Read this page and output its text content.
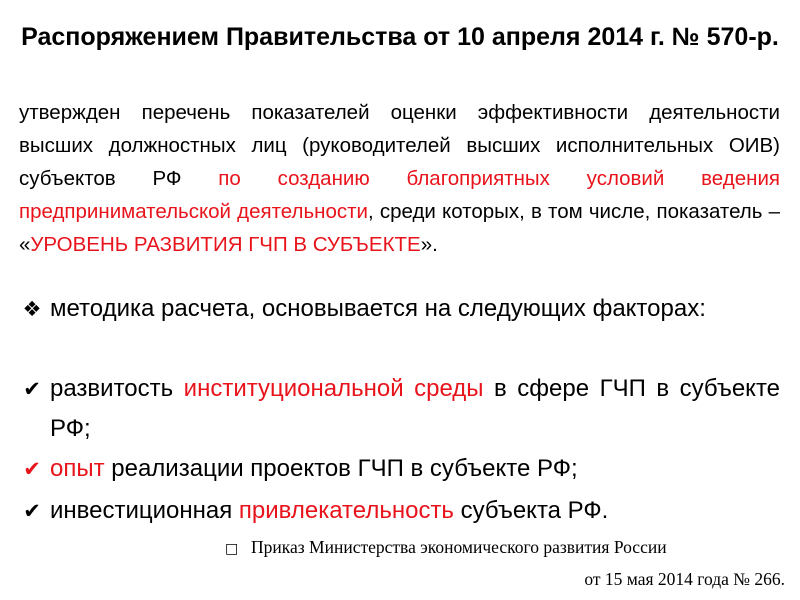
Распоряжением Правительства от 10 апреля 2014 г. № 570-р.
утвержден перечень показателей оценки эффективности деятельности высших должностных лиц (руководителей высших исполнительных ОИВ) субъектов РФ по созданию благоприятных условий ведения предпринимательской деятельности, среди которых, в том числе, показатель – «УРОВЕНЬ РАЗВИТИЯ ГЧП В СУБЪЕКТЕ».
❖ методика расчета, основывается на следующих факторах:
✔ развитость институциональной среды в сфере ГЧП в субъекте РФ;
✔ опыт реализации проектов ГЧП в субъекте РФ;
✔ инвестиционная привлекательность субъекта РФ.
□ Приказ Министерства экономического развития России
от 15 мая 2014 года № 266.
